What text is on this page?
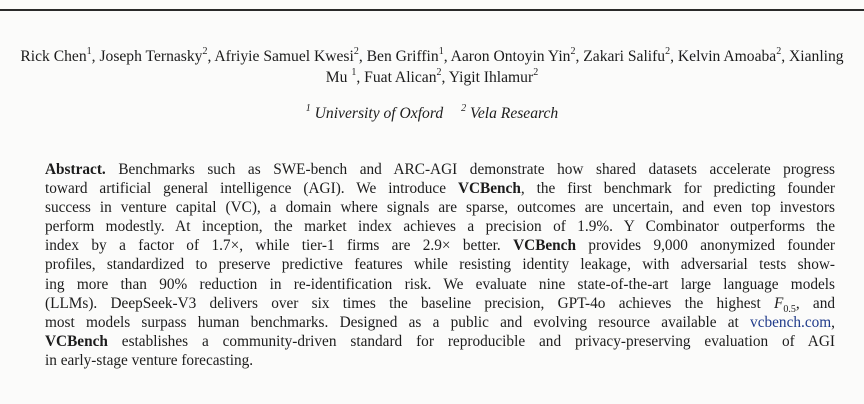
Rick Chen$^1$, Joseph Ternasky$^2$, Afriyie Samuel Kwesi$^2$, Ben Griffin$^1$, Aaron Ontoyin Yin$^2$, Zakari Salifu$^2$, Kelvin Amoaba$^2$, Xianling Mu $^1$, Fuat Alican$^2$, Yigit Ihlamur$^2$
$^1$ University of Oxford $^2$ Vela Research
Abstract. Benchmarks such as SWE-bench and ARC-AGI demonstrate how shared datasets accelerate progress
toward artificial general intelligence (AGI). We introduce VCBench, the first benchmark for predicting founder
success in venture capital (VC), a domain where signals are sparse, outcomes are uncertain, and even top investors
perform modestly. At inception, the market index achieves a precision of 1.9%. Y Combinator outperforms the
index by a factor of 1.7×, while tier-1 firms are 2.9× better. VCBench provides 9,000 anonymized founder
profiles, standardized to preserve predictive features while resisting identity leakage, with adversarial tests show-
ing more than 90% reduction in re-identification risk. We evaluate nine state-of-the-art large language models
(LLMs). DeepSeek-V3 delivers over six times the baseline precision, GPT-4o achieves the highest $F_{0.5}$, and
most models surpass human benchmarks. Designed as a public and evolving resource available at vcbench.com,
VCBench establishes a community-driven standard for reproducible and privacy-preserving evaluation of AGI
in early-stage venture forecasting.
